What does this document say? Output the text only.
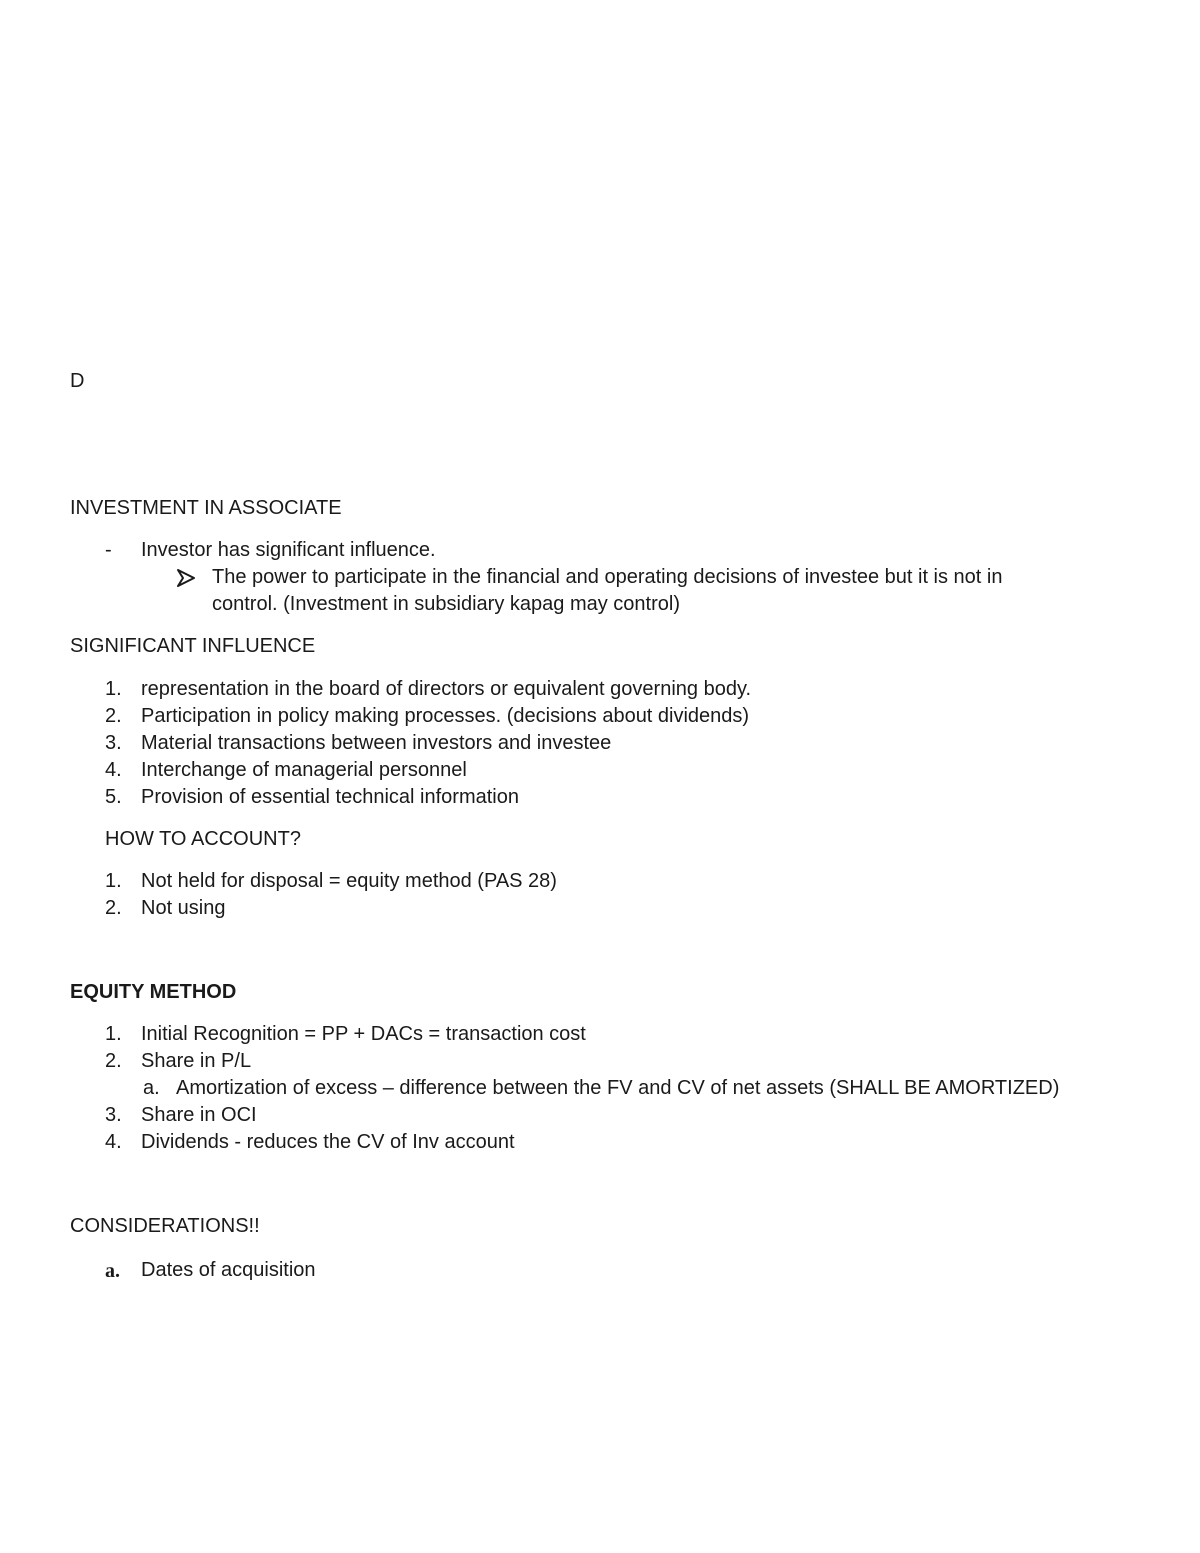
D
INVESTMENT IN ASSOCIATE
- Investor has significant influence.
The power to participate in the financial and operating decisions of investee but it is not in
control. (Investment in subsidiary kapag may control)
SIGNIFICANT INFLUENCE
1. representation in the board of directors or equivalent governing body.
2. Participation in policy making processes. (decisions about dividends)
3. Material transactions between investors and investee
4. Interchange of managerial personnel
5. Provision of essential technical information
HOW TO ACCOUNT?
1. Not held for disposal = equity method (PAS 28)
2. Not using
EQUITY METHOD
1. Initial Recognition = PP + DACs = transaction cost
2. Share in P/L
a. Amortization of excess – difference between the FV and CV of net assets (SHALL BE AMORTIZED)
3. Share in OCI
4. Dividends - reduces the CV of Inv account
CONSIDERATIONS!!
a. Dates of acquisition
